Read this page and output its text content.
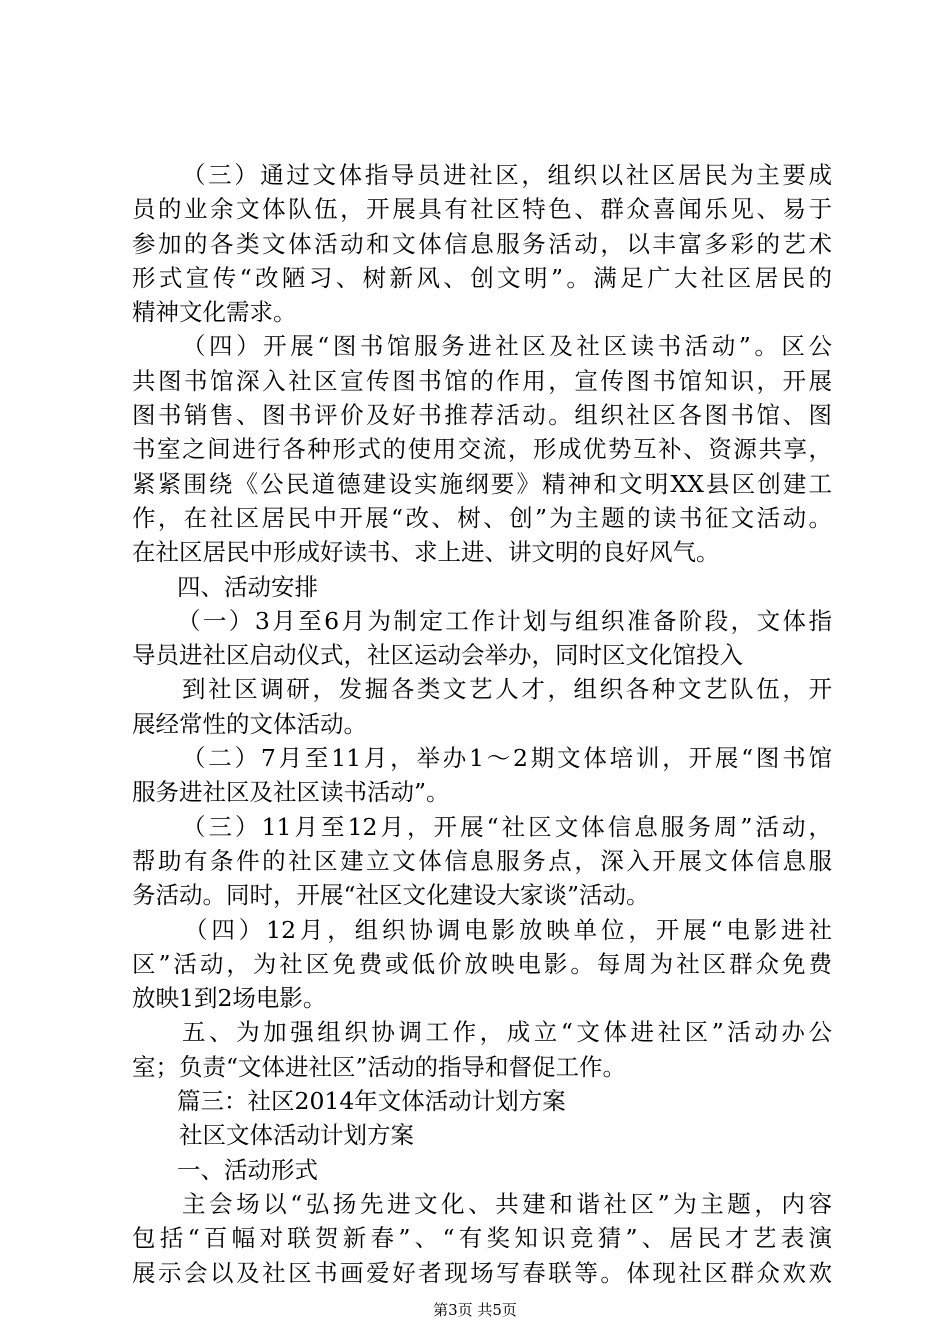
（三）通过文体指导员进社区，组织以社区居民为主要成
员的业余文体队伍，开展具有社区特色、群众喜闻乐见、易于
参加的各类文体活动和文体信息服务活动，以丰富多彩的艺术
形式宣传“改陋习、树新风、创文明”。满足广大社区居民的
精神文化需求。
（四）开展“图书馆服务进社区及社区读书活动”。区公
共图书馆深入社区宣传图书馆的作用，宣传图书馆知识，开展
图书销售、图书评价及好书推荐活动。组织社区各图书馆、图
书室之间进行各种形式的使用交流，形成优势互补、资源共享，
紧紧围绕《公民道德建设实施纲要》精神和文明XX县区创建工
作，在社区居民中开展“改、树、创”为主题的读书征文活动。
在社区居民中形成好读书、求上进、讲文明的良好风气。
四、活动安排
（一）3月至6月为制定工作计划与组织准备阶段，文体指
导员进社区启动仪式，社区运动会举办，同时区文化馆投入
到社区调研，发掘各类文艺人才，组织各种文艺队伍，开
展经常性的文体活动。
（二）7月至11月，举办1～2期文体培训，开展“图书馆
服务进社区及社区读书活动”。
（三）11月至12月，开展“社区文体信息服务周”活动，
帮助有条件的社区建立文体信息服务点，深入开展文体信息服
务活动。同时，开展“社区文化建设大家谈”活动。
（四）12月，组织协调电影放映单位，开展“电影进社
区”活动，为社区免费或低价放映电影。每周为社区群众免费
放映1到2场电影。
五、为加强组织协调工作，成立“文体进社区”活动办公
室；负责“文体进社区”活动的指导和督促工作。
篇三：社区2014年文体活动计划方案
社区文体活动计划方案
一、活动形式
主会场以“弘扬先进文化、共建和谐社区”为主题，内容
包括“百幅对联贺新春”、“有奖知识竞猜”、居民才艺表演
展示会以及社区书画爱好者现场写春联等。体现社区群众欢欢
第3页 共5页
